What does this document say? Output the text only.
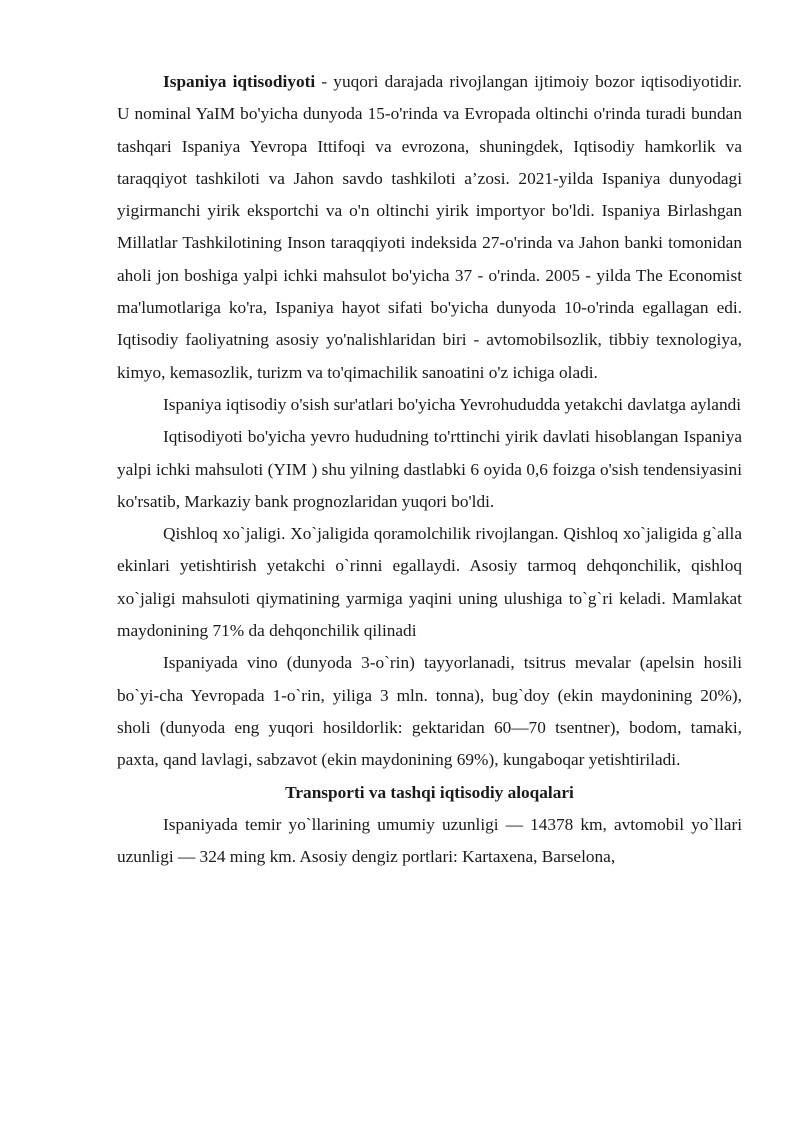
Ispaniya iqtisodiyoti - yuqori darajada rivojlangan ijtimoiy bozor iqtisodiyotidir. U nominal YaIM bo'yicha dunyoda 15-o'rinda va Evropada oltinchi o'rinda turadi bundan tashqari Ispaniya Yevropa Ittifoqi va evrozona, shuningdek, Iqtisodiy hamkorlik va taraqqiyot tashkiloti va Jahon savdo tashkiloti a’zosi. 2021-yilda Ispaniya dunyodagi yigirmanchi yirik eksportchi va o'n oltinchi yirik importyor bo'ldi. Ispaniya Birlashgan Millatlar Tashkilotining Inson taraqqiyoti indeksida 27-o'rinda va Jahon banki tomonidan aholi jon boshiga yalpi ichki mahsulot bo'yicha 37 - o'rinda. 2005 - yilda The Economist ma'lumotlariga ko'ra, Ispaniya hayot sifati bo'yicha dunyoda 10-o'rinda egallagan edi. Iqtisodiy faoliyatning asosiy yo'nalishlaridan biri - avtomobilsozlik, tibbiy texnologiya, kimyo, kemasozlik, turizm va to'qimachilik sanoatini o'z ichiga oladi.

Ispaniya iqtisodiy o'sish sur'atlari bo'yicha Yevrohududda yetakchi davlatga aylandi

Iqtisodiyoti bo'yicha yevro hududning to'rttinchi yirik davlati hisoblangan Ispaniya yalpi ichki mahsuloti (YIM ) shu yilning dastlabki 6 oyida 0,6 foizga o'sish tendensiyasini ko'rsatib, Markaziy bank prognozlaridan yuqori bo'ldi.

Qishloq xo`jaligi. Xo`jaligida qoramolchilik rivojlangan. Qishloq xo`jaligida g`alla ekinlari yetishtirish yetakchi o`rinni egallaydi. Asosiy tarmoq dehqonchilik, qishloq xo`jaligi mahsuloti qiymatining yarmiga yaqini uning ulushiga to`g`ri keladi. Mamlakat maydonining 71% da dehqonchilik qilinadi

Ispaniyada vino (dunyoda 3-o`rin) tayyorlanadi, tsitrus mevalar (apelsin hosili bo`yi-cha Yevropada 1-o`rin, yiliga 3 mln. tonna), bug`doy (ekin maydonining 20%), sholi (dunyoda eng yuqori hosildorlik: gektaridan 60—70 tsentner), bodom, tamaki, paxta, qand lavlagi, sabzavot (ekin maydonining 69%), kungaboqar yetishtiriladi.

Transporti va tashqi iqtisodiy aloqalari

Ispaniyada temir yo`llarining umumiy uzunligi — 14378 km, avtomobil yo`llari uzunligi — 324 ming km. Asosiy dengiz portlari: Kartaxena, Barselona,
